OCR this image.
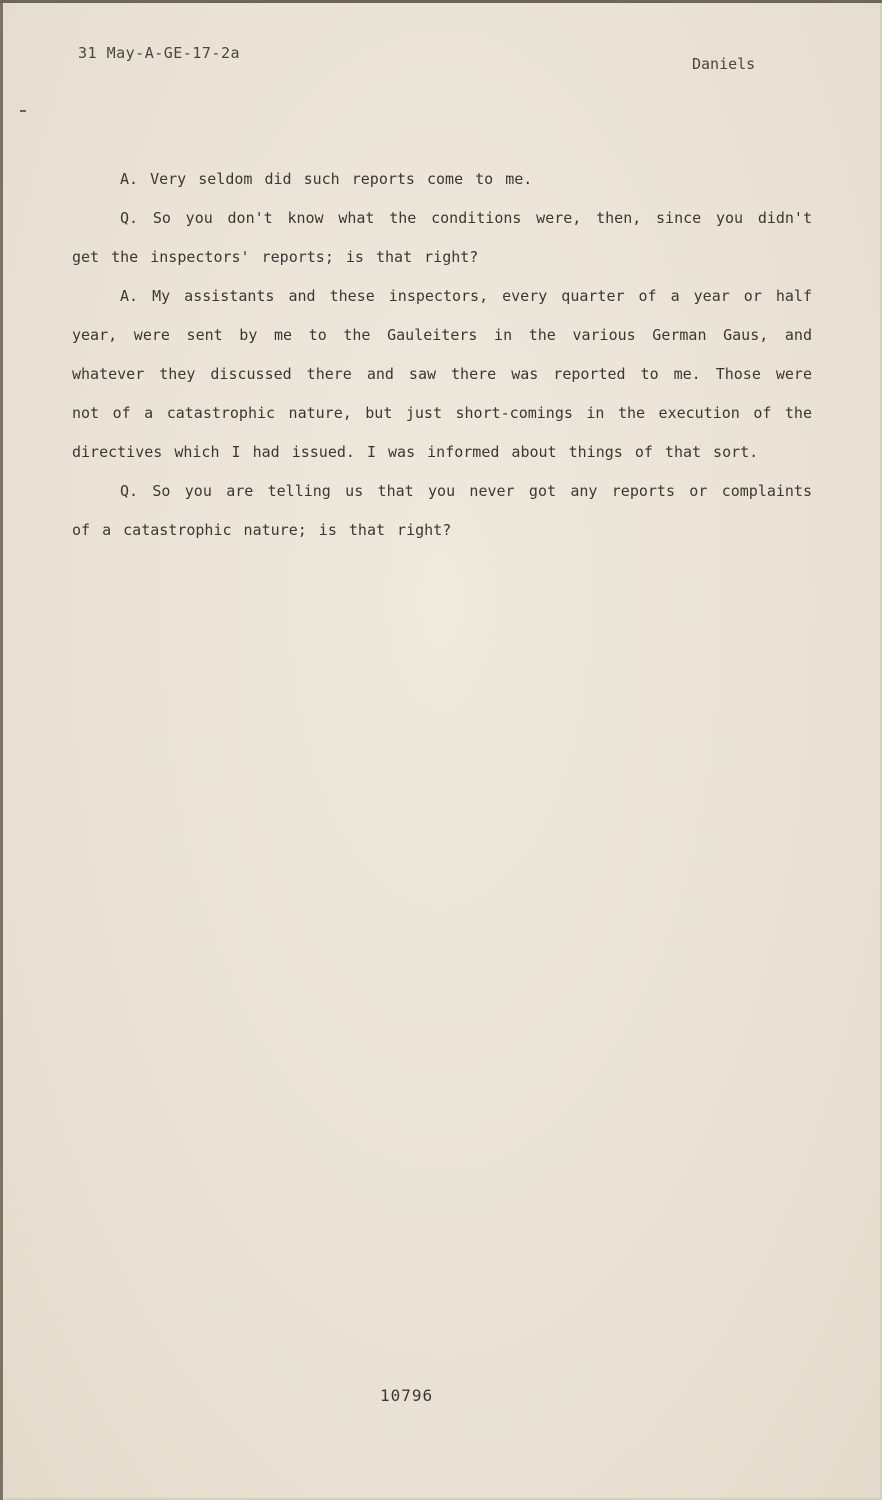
31 May-A-GE-17-2a
Daniels

A. Very seldom did such reports come to me.

Q. So you don't know what the conditions were, then, since you didn't get the inspectors' reports; is that right?

A. My assistants and these inspectors, every quarter of a year or half year, were sent by me to the Gauleiters in the various German Gaus, and whatever they discussed there and saw there was reported to me. Those were not of a catastrophic nature, but just short-comings in the execution of the directives which I had issued. I was informed about things of that sort.

Q. So you are telling us that you never got any reports or complaints of a catastrophic nature; is that right?

10796
